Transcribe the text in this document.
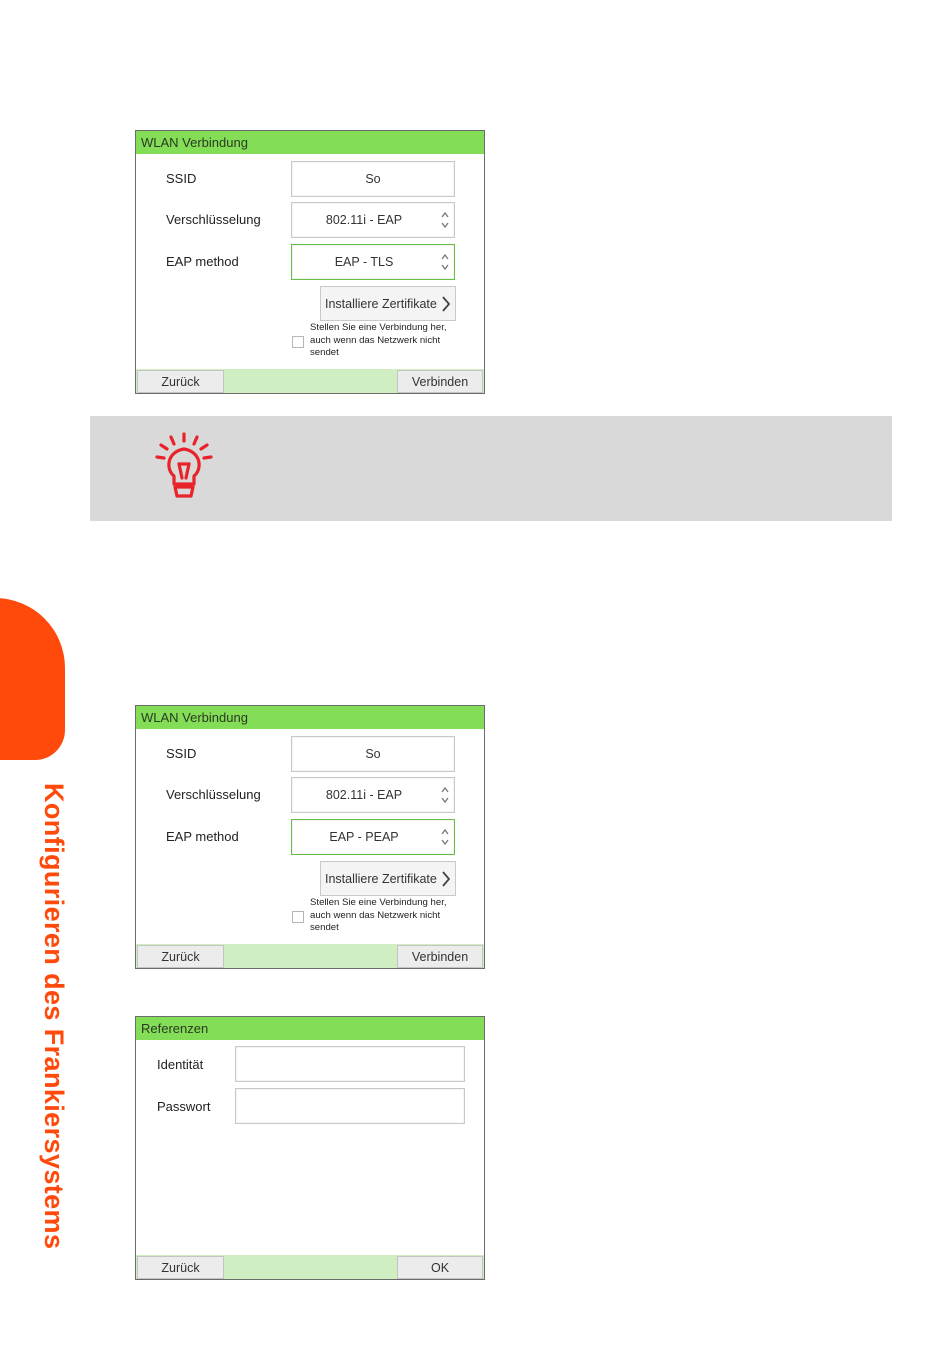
Konfigurieren des Frankiersystems
WLAN Verbindung
SSID	So
Verschlüsselung	802.11i - EAP
EAP method	EAP - TLS
Installiere Zertifikate
Stellen Sie eine Verbindung her, auch wenn das Netzwerk nicht sendet
Zurück	Verbinden
WLAN Verbindung
SSID	So
Verschlüsselung	802.11i - EAP
EAP method	EAP - PEAP
Installiere Zertifikate
Stellen Sie eine Verbindung her, auch wenn das Netzwerk nicht sendet
Zurück	Verbinden
Referenzen
Identität
Passwort
Zurück	OK
